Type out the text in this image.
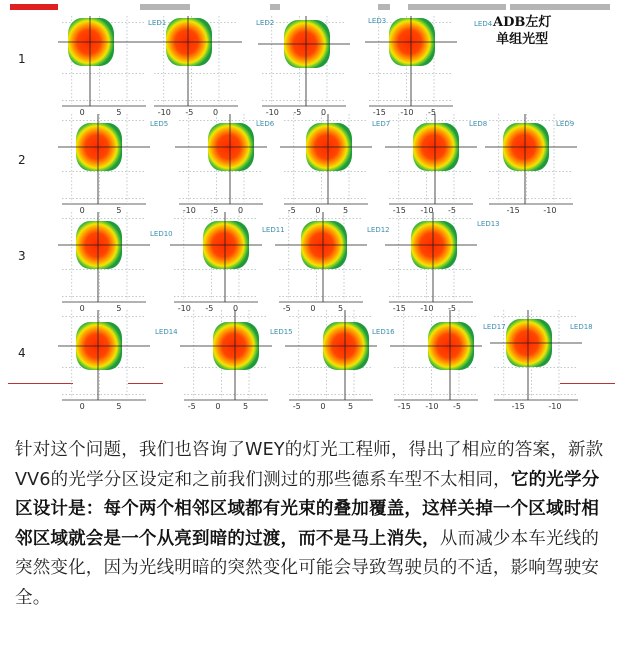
1
2
3
4
ADB左灯
单组光型
0	5	-10 -5 0	-10 -5 0	-15 -10 -5
0	5	-10 -5 0	-5 0	5	-15 -10 -5	-15	-10
0	5	-10 -5 0	-5 0	5	-15 -10 -5
0	5	-5 0	5	-5 0	5	-15 -10 -5	-15	-10
LED1	LED2	LED3	LED4
LED5	LED6	LED7	LED8	LED9
LED10	LED11	LED12
LED13
LED14	LED15	LED16
LED17	LED18
针对这个问题，我们也咨询了WEY的灯光工程师，得出了相应的答案，新款VV6的光学分区设定和之前我们测过的那些德系车型不太相同，它的光学分区设计是：每个两个相邻区域都有光束的叠加覆盖，这样关掉一个区域时相邻区域就会是一个从亮到暗的过渡，而不是马上消失，从而减少本车光线的突然变化，因为光线明暗的突然变化可能会导致驾驶员的不适，影响驾驶安全。
